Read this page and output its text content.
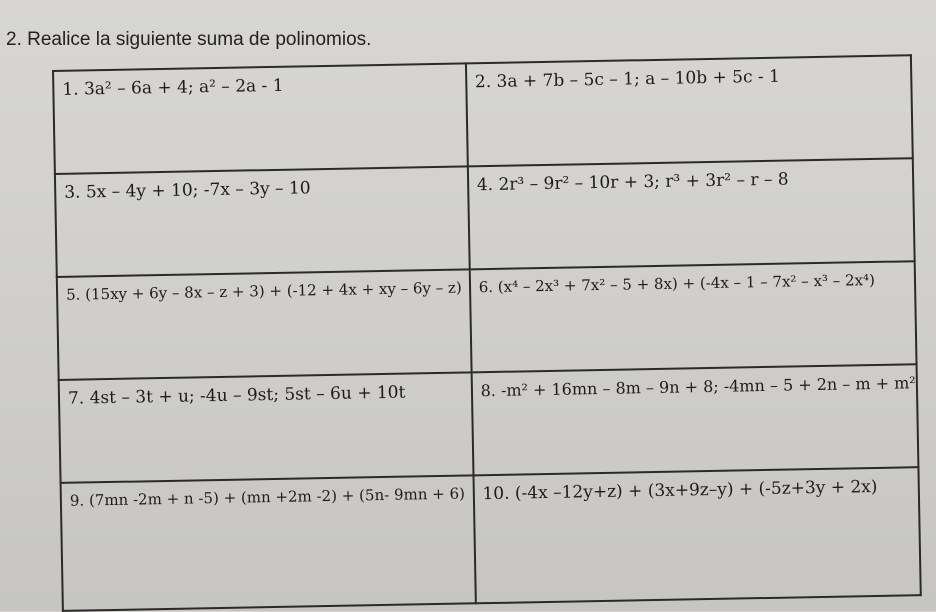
2. Realice la siguiente suma de polinomios.
1. 3a² – 6a + 4; a² – 2a - 1	2. 3a + 7b – 5c – 1; a – 10b + 5c - 1
3. 5x – 4y + 10; -7x – 3y – 10	4. 2r³ – 9r² – 10r + 3; r³ + 3r² – r – 8
5. (15xy + 6y – 8x – z + 3) + (-12 + 4x + xy – 6y – z)	6. (x⁴ – 2x³ + 7x² – 5 + 8x) + (-4x – 1 – 7x² – x³ – 2x⁴)
7. 4st – 3t + u; -4u – 9st; 5st – 6u + 10t	8. -m² + 16mn – 8m – 9n + 8; -4mn – 5 + 2n – m + m²
9. (7mn -2m + n -5) + (mn +2m -2) + (5n- 9mn + 6)	10. (-4x –12y+z) + (3x+9z–y) + (-5z+3y + 2x)
